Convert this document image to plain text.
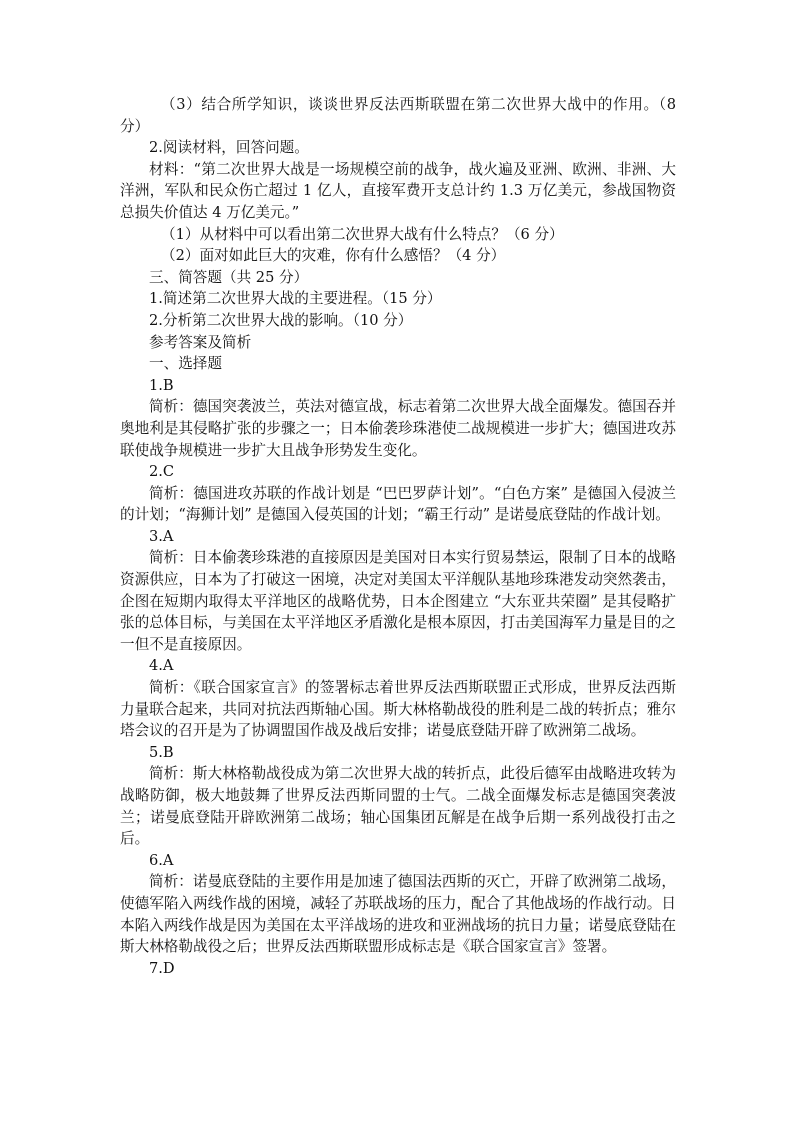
（3）结合所学知识，谈谈世界反法西斯联盟在第二次世界大战中的作用。（8 分）

2.阅读材料，回答问题。

材料：“第二次世界大战是一场规模空前的战争，战火遍及亚洲、欧洲、非洲、大洋洲，军队和民众伤亡超过 1 亿人，直接军费开支总计约 1.3 万亿美元，参战国物资总损失价值达 4 万亿美元。”

（1）从材料中可以看出第二次世界大战有什么特点？（6 分）

（2）面对如此巨大的灾难，你有什么感悟？（4 分）

三、简答题（共 25 分）

1.简述第二次世界大战的主要进程。（15 分）

2.分析第二次世界大战的影响。（10 分）

参考答案及简析

一、选择题

1.B

简析：德国突袭波兰，英法对德宣战，标志着第二次世界大战全面爆发。德国吞并奥地利是其侵略扩张的步骤之一；日本偷袭珍珠港使二战规模进一步扩大；德国进攻苏联使战争规模进一步扩大且战争形势发生变化。

2.C

简析：德国进攻苏联的作战计划是 “巴巴罗萨计划”。“白色方案” 是德国入侵波兰的计划；“海狮计划” 是德国入侵英国的计划；“霸王行动” 是诺曼底登陆的作战计划。

3.A

简析：日本偷袭珍珠港的直接原因是美国对日本实行贸易禁运，限制了日本的战略资源供应，日本为了打破这一困境，决定对美国太平洋舰队基地珍珠港发动突然袭击，企图在短期内取得太平洋地区的战略优势，日本企图建立 “大东亚共荣圈” 是其侵略扩张的总体目标，与美国在太平洋地区矛盾激化是根本原因，打击美国海军力量是目的之一但不是直接原因。

4.A

简析：《联合国家宣言》的签署标志着世界反法西斯联盟正式形成，世界反法西斯力量联合起来，共同对抗法西斯轴心国。斯大林格勒战役的胜利是二战的转折点；雅尔塔会议的召开是为了协调盟国作战及战后安排；诺曼底登陆开辟了欧洲第二战场。

5.B

简析：斯大林格勒战役成为第二次世界大战的转折点，此役后德军由战略进攻转为战略防御，极大地鼓舞了世界反法西斯同盟的士气。二战全面爆发标志是德国突袭波兰；诺曼底登陆开辟欧洲第二战场；轴心国集团瓦解是在战争后期一系列战役打击之后。

6.A

简析：诺曼底登陆的主要作用是加速了德国法西斯的灭亡，开辟了欧洲第二战场，使德军陷入两线作战的困境，减轻了苏联战场的压力，配合了其他战场的作战行动。日本陷入两线作战是因为美国在太平洋战场的进攻和亚洲战场的抗日力量；诺曼底登陆在斯大林格勒战役之后；世界反法西斯联盟形成标志是《联合国家宣言》签署。

7.D
